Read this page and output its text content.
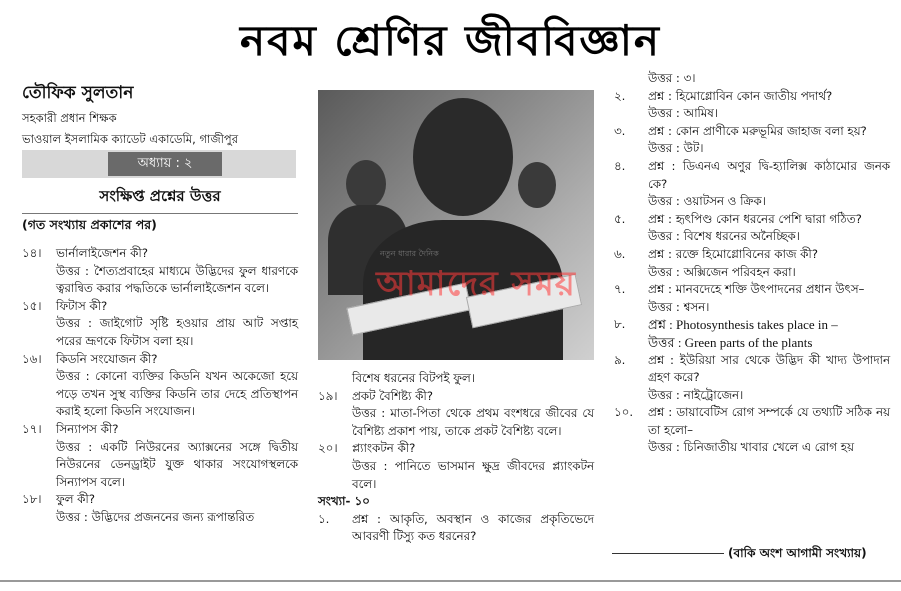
নবম শ্রেণির জীববিজ্ঞান
তৌফিক সুলতান
সহকারী প্রধান শিক্ষক
ভাওয়াল ইসলামিক ক্যাডেট একাডেমি, গাজীপুর
অধ্যায় : ২
সংক্ষিপ্ত প্রশ্নের উত্তর
(গত সংখ্যায় প্রকাশের পর)
১৪। ভার্নালাইজেশন কী?
উত্তর : শৈত্যপ্রবাহের মাধ্যমে উদ্ভিদের ফুল ধারণকে ত্বরান্বিত করার পদ্ধতিকে ভার্নালাইজেশন বলে।
১৫। ফিটাস কী?
উত্তর : জাইগোট সৃষ্টি হওয়ার প্রায় আট সপ্তাহ পরের ভ্রূণকে ফিটাস বলা হয়।
১৬। কিডনি সংযোজন কী?
উত্তর : কোনো ব্যক্তির কিডনি যখন অকেজো হয়ে পড়ে তখন সুস্থ ব্যক্তির কিডনি তার দেহে প্রতিস্থাপন করাই হলো কিডনি সংযোজন।
১৭। সিন্যাপস কী?
উত্তর : একটি নিউরনের অ্যাক্সনের সঙ্গে দ্বিতীয় নিউরনের ডেনড্রাইট যুক্ত থাকার সংযোগস্থলকে সিন্যাপস বলে।
১৮। ফুল কী?
উত্তর : উদ্ভিদের প্রজননের জন্য রূপান্তরিত
নতুন ধারার দৈনিক
আমাদের সময়
বিশেষ ধরনের বিটপই ফুল।
১৯। প্রকট বৈশিষ্ট্য কী?
উত্তর : মাতা-পিতা থেকে প্রথম বংশধরে জীবের যে বৈশিষ্ট্য প্রকাশ পায়, তাকে প্রকট বৈশিষ্ট্য বলে।
২০। প্ল্যাংকটন কী?
উত্তর : পানিতে ভাসমান ক্ষুদ্র জীবদের প্ল্যাংকটন বলে।
সংখ্যা- ১০
১.	প্রশ্ন : আকৃতি, অবস্থান ও কাজের প্রকৃতিভেদে আবরণী টিস্যু কত ধরনের?
উত্তর : ৩।
২.	প্রশ্ন : হিমোগ্লোবিন কোন জাতীয় পদার্থ?
উত্তর : আমিষ।
৩.	প্রশ্ন : কোন প্রাণীকে মরুভূমির জাহাজ বলা হয়?
উত্তর : উট।
৪.	প্রশ্ন : ডিএনএ অণুর দ্বি-হ্যালিক্স কাঠামোর জনক কে?
উত্তর : ওয়াটসন ও ক্রিক।
৫.	প্রশ্ন : হৃৎপিণ্ড কোন ধরনের পেশি দ্বারা গঠিত?
উত্তর : বিশেষ ধরনের অনৈচ্ছিক।
৬.	প্রশ্ন : রক্তে হিমোগ্লোবিনের কাজ কী?
উত্তর : অক্সিজেন পরিবহন করা।
৭.	প্রশ্ন : মানবদেহে শক্তি উৎপাদনের প্রধান উৎস–
উত্তর : শ্বসন।
৮.	প্রশ্ন : Photosynthesis takes place in –
উত্তর : Green parts of the plants
৯.	প্রশ্ন : ইউরিয়া সার থেকে উদ্ভিদ কী খাদ্য উপাদান গ্রহণ করে?
উত্তর : নাইট্রোজেন।
১০.	প্রশ্ন : ডায়াবেটিস রোগ সম্পর্কে যে তথ্যটি সঠিক নয় তা হলো–
উত্তর : চিনিজাতীয় খাবার খেলে এ রোগ হয়
(বাকি অংশ আগামী সংখ্যায়)
